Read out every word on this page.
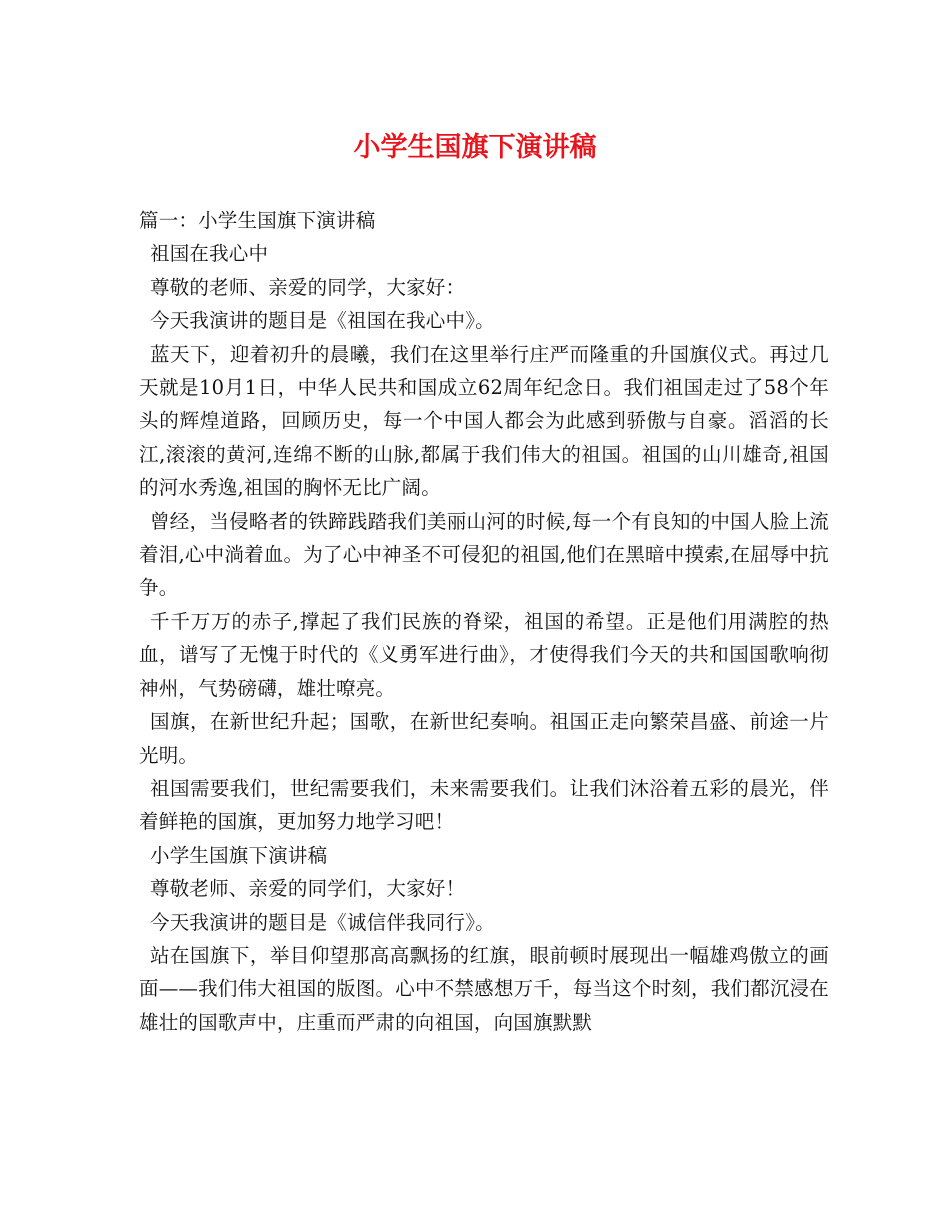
小学生国旗下演讲稿

篇一：小学生国旗下演讲稿

祖国在我心中

尊敬的老师、亲爱的同学，大家好：

今天我演讲的题目是《祖国在我心中》。

蓝天下，迎着初升的晨曦，我们在这里举行庄严而隆重的升国旗仪式。再过几天就是10月1日，中华人民共和国成立62周年纪念日。我们祖国走过了58个年头的辉煌道路，回顾历史，每一个中国人都会为此感到骄傲与自豪。滔滔的长江,滚滚的黄河,连绵不断的山脉,都属于我们伟大的祖国。祖国的山川雄奇,祖国的河水秀逸,祖国的胸怀无比广阔。

曾经，当侵略者的铁蹄践踏我们美丽山河的时候,每一个有良知的中国人脸上流着泪,心中淌着血。为了心中神圣不可侵犯的祖国,他们在黑暗中摸索,在屈辱中抗争。

千千万万的赤子,撑起了我们民族的脊梁，祖国的希望。正是他们用满腔的热血，谱写了无愧于时代的《义勇军进行曲》，才使得我们今天的共和国国歌响彻神州，气势磅礴，雄壮嘹亮。

国旗，在新世纪升起；国歌，在新世纪奏响。祖国正走向繁荣昌盛、前途一片光明。

祖国需要我们，世纪需要我们，未来需要我们。让我们沐浴着五彩的晨光，伴着鲜艳的国旗，更加努力地学习吧！

小学生国旗下演讲稿

尊敬老师、亲爱的同学们，大家好！

今天我演讲的题目是《诚信伴我同行》。

站在国旗下，举目仰望那高高飘扬的红旗，眼前顿时展现出一幅雄鸡傲立的画面——我们伟大祖国的版图。心中不禁感想万千，每当这个时刻，我们都沉浸在雄壮的国歌声中，庄重而严肃的向祖国，向国旗默默
